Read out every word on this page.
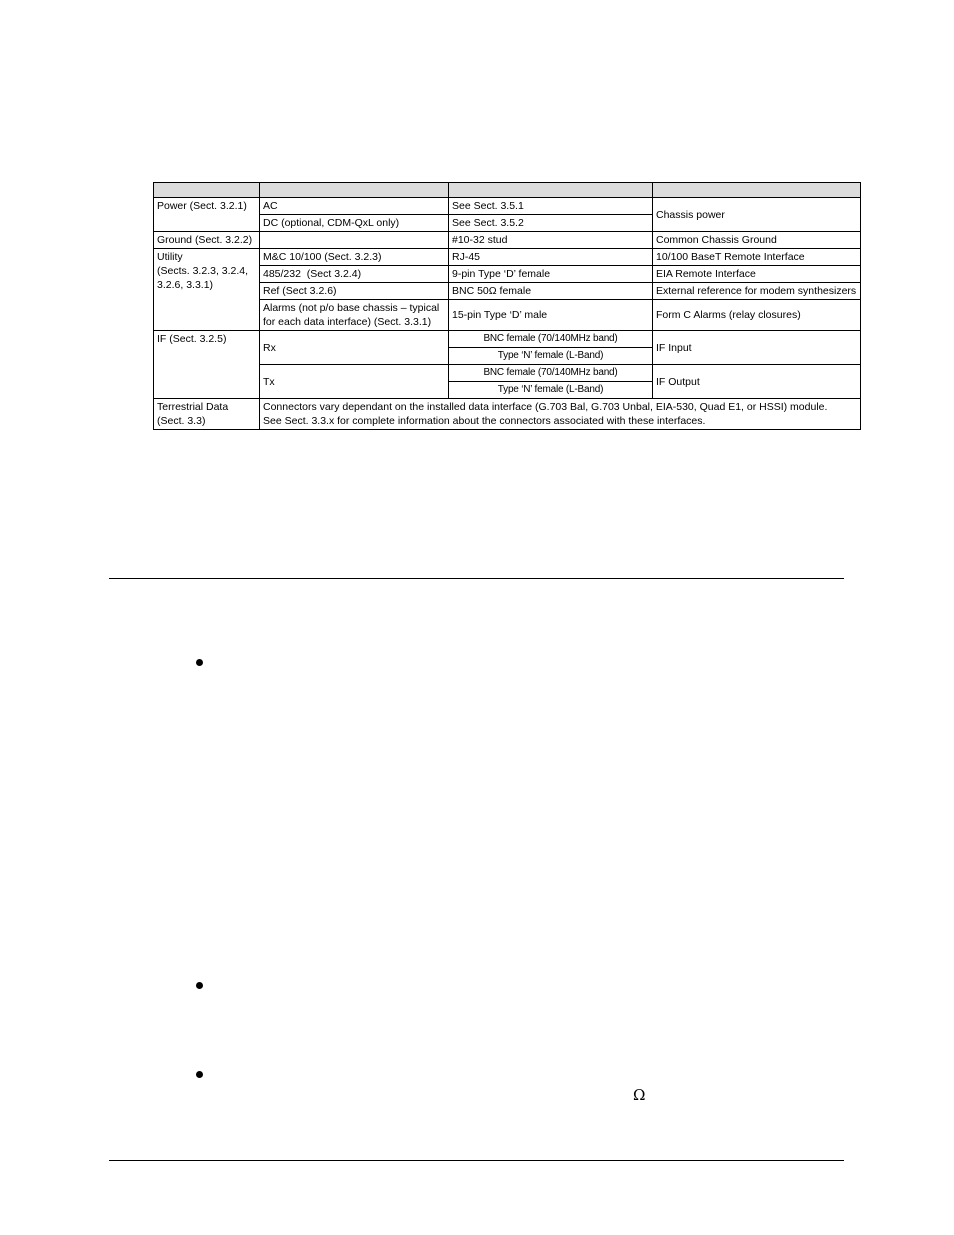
Power (Sect. 3.2.1)	AC	See Sect. 3.5.1	Chassis power
	DC (optional, CDM-QxL only)	See Sect. 3.5.2	
Ground (Sect. 3.2.2)		#10-32 stud	Common Chassis Ground
Utility
(Sects. 3.2.3, 3.2.4, 3.2.6, 3.3.1)	M&C 10/100 (Sect. 3.2.3)	RJ-45	10/100 BaseT Remote Interface
	485/232  (Sect 3.2.4)	9-pin Type ‘D’ female	EIA Remote Interface
	Ref (Sect 3.2.6)	BNC 50Ω female	External reference for modem synthesizers
	Alarms (not p/o base chassis – typical for each data interface) (Sect. 3.3.1)	15-pin Type ‘D’ male	Form C Alarms (relay closures)
IF (Sect. 3.2.5)	Rx	BNC female (70/140MHz band)	IF Input
		Type ‘N’ female (L-Band)	
	Tx	BNC female (70/140MHz band)	IF Output
		Type ‘N’ female (L-Band)	
Terrestrial Data (Sect. 3.3)	Connectors vary dependant on the installed data interface (G.703 Bal, G.703 Unbal, EIA-530, Quad E1, or HSSI) module.
See Sect. 3.3.x for complete information about the connectors associated with these interfaces.		
Ω
